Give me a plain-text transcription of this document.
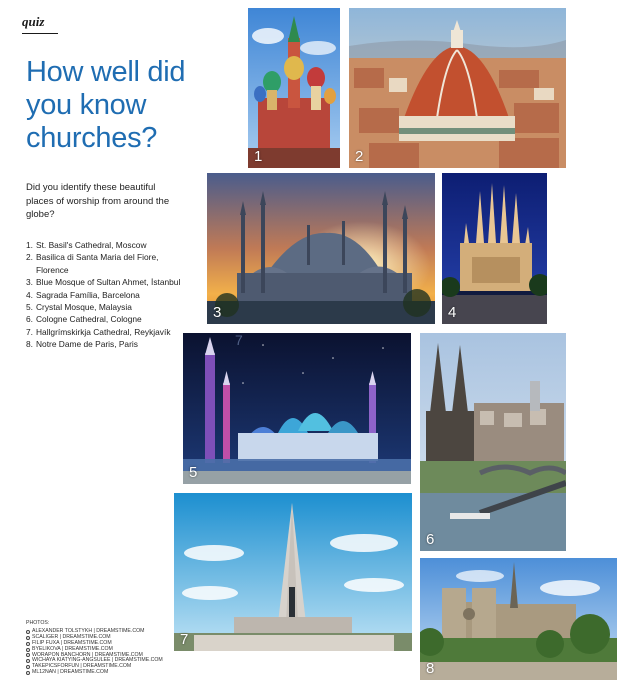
quiz
How well did you know churches?

Did you identify these beautiful places of worship from around the globe?

1. St. Basil's Cathedral, Moscow
2. Basilica di Santa Maria del Fiore, Florence
3. Blue Mosque of Sultan Ahmet, İstanbul
4. Sagrada Família, Barcelona
5. Crystal Mosque, Malaysia
6. Cologne Cathedral, Cologne
7. Hallgrímskirkja Cathedral, Reykjavík
8. Notre Dame de Paris, Paris
PHOTOS:
ALEXANDER TOLSTYKH | DREAMSTIME.COM
SCALIGER | DREAMSTIME.COM
FILIP FUXA | DREAMSTIME.COM
BYELIKOVA | DREAMSTIME.COM
WORAPON BANCHORN | DREAMSTIME.COM
WICHAYA KIATYING-ANGSULEE | DREAMSTIME.COM
TAKEPICSFORFUN | DREAMSTIME.COM
ML12NAN | DREAMSTIME.COM
1	2
3	4
5
7
6
7
8
